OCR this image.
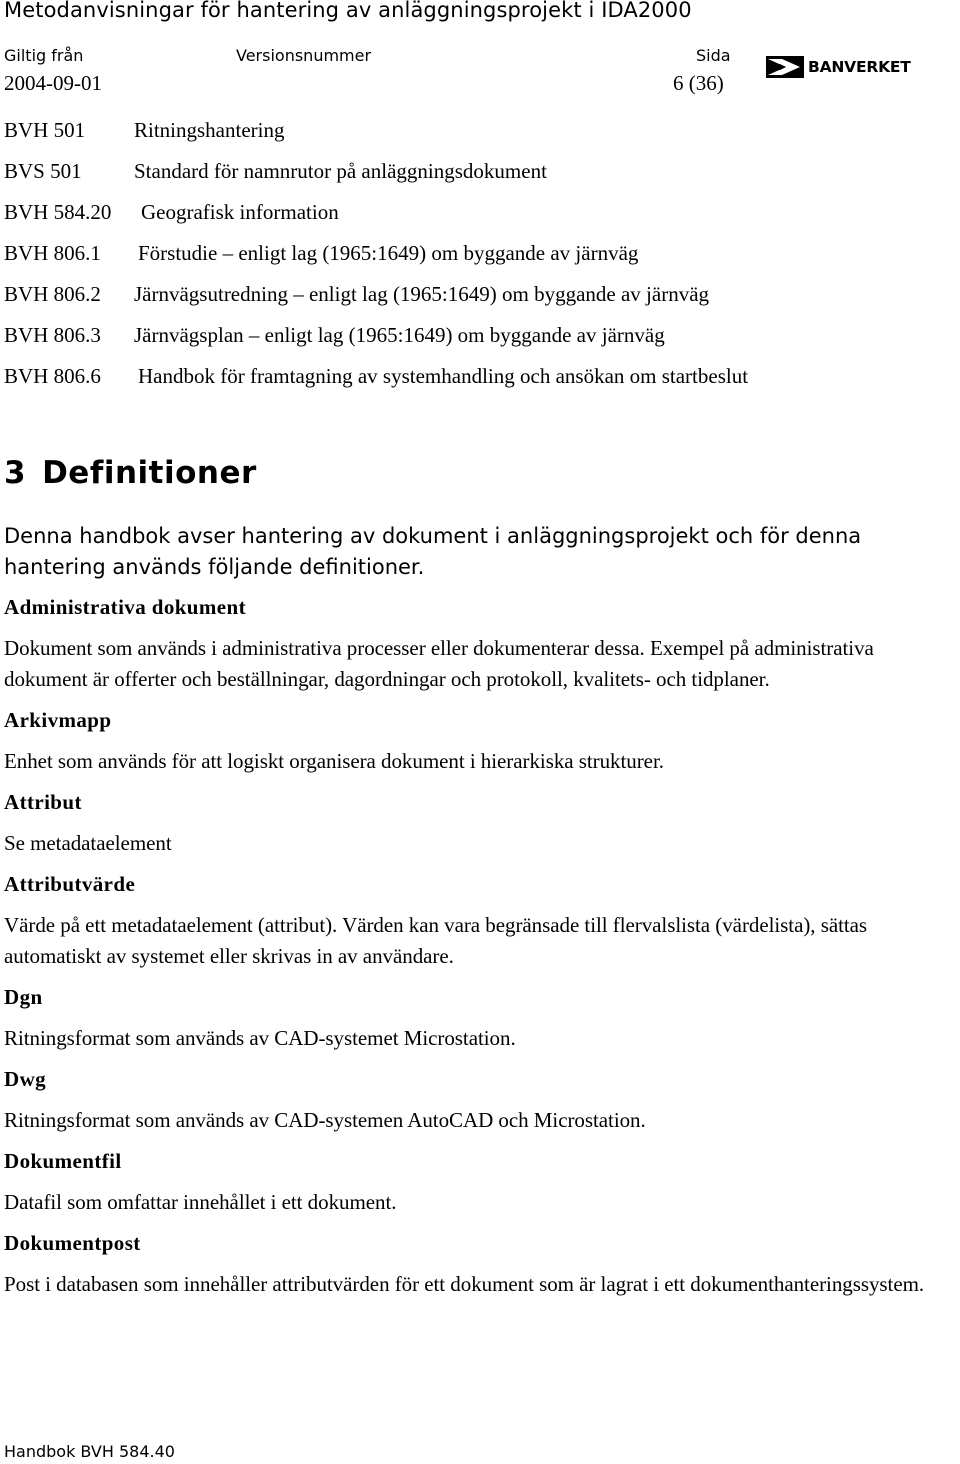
Metodanvisningar för hantering av anläggningsprojekt i IDA2000
Giltig från	Versionsnummer	Sida
2004-09-01	6 (36)
BANVERKET
BVH 501 Ritningshantering
BVS 501 Standard för namnrutor på anläggningsdokument
BVH 584.20 Geografisk information
BVH 806.1 Förstudie – enligt lag (1965:1649) om byggande av järnväg
BVH 806.2 Järnvägsutredning – enligt lag (1965:1649) om byggande av järnväg
BVH 806.3 Järnvägsplan – enligt lag (1965:1649) om byggande av järnväg
BVH 806.6 Handbok för framtagning av systemhandling och ansökan om startbeslut
3 Definitioner
Denna handbok avser hantering av dokument i anläggningsprojekt och för denna hantering används följande definitioner.
Administrativa dokument
Dokument som används i administrativa processer eller dokumenterar dessa. Exempel på administrativa dokument är offerter och beställningar, dagordningar och protokoll, kvalitets- och tidplaner.
Arkivmapp
Enhet som används för att logiskt organisera dokument i hierarkiska strukturer.
Attribut
Se metadataelement
Attributvärde
Värde på ett metadataelement (attribut). Värden kan vara begränsade till flervalslista (värdelista), sättas automatiskt av systemet eller skrivas in av användare.
Dgn
Ritningsformat som används av CAD-systemet Microstation.
Dwg
Ritningsformat som används av CAD-systemen AutoCAD och Microstation.
Dokumentfil
Datafil som omfattar innehållet i ett dokument.
Dokumentpost
Post i databasen som innehåller attributvärden för ett dokument som är lagrat i ett dokumenthanteringssystem.
Handbok BVH 584.40
